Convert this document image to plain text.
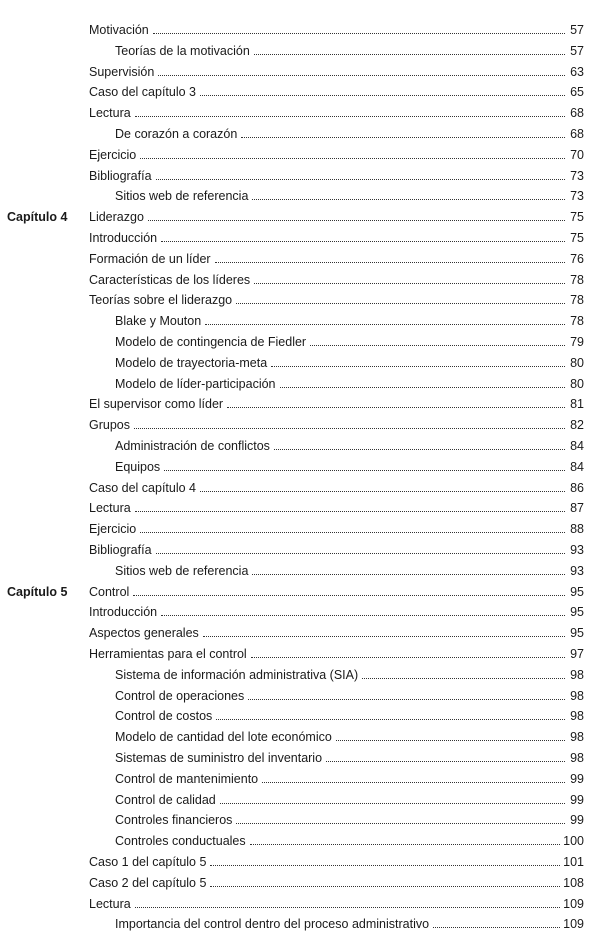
Motivación	57
Teorías de la motivación	57
Supervisión	63
Caso del capítulo 3	65
Lectura	68
De corazón a corazón	68
Ejercicio	70
Bibliografía	73
Sitios web de referencia	73
Capítulo 4 Liderazgo	75
Introducción	75
Formación de un líder	76
Características de los líderes	78
Teorías sobre el liderazgo	78
Blake y Mouton	78
Modelo de contingencia de Fiedler	79
Modelo de trayectoria-meta	80
Modelo de líder-participación	80
El supervisor como líder	81
Grupos	82
Administración de conflictos	84
Equipos	84
Caso del capítulo 4	86
Lectura	87
Ejercicio	88
Bibliografía	93
Sitios web de referencia	93
Capítulo 5 Control	95
Introducción	95
Aspectos generales	95
Herramientas para el control	97
Sistema de información administrativa (SIA)	98
Control de operaciones	98
Control de costos	98
Modelo de cantidad del lote económico	98
Sistemas de suministro del inventario	98
Control de mantenimiento	99
Control de calidad	99
Controles financieros	99
Controles conductuales	100
Caso 1 del capítulo 5	101
Caso 2 del capítulo 5	108
Lectura	109
Importancia del control dentro del proceso administrativo	109
